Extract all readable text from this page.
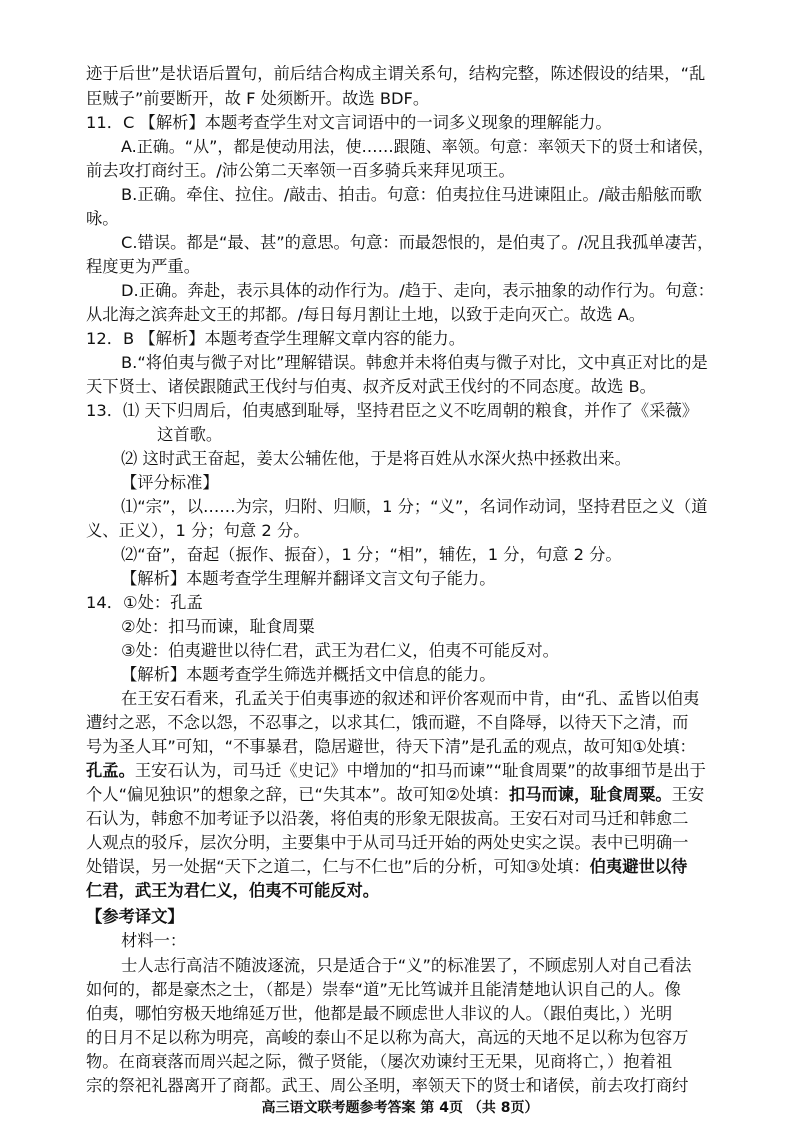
迹于后世”是状语后置句，前后结合构成主谓关系句，结构完整，陈述假设的结果，“乱
臣贼子”前要断开，故 F 处须断开。故选 BDF。
11．C 【解析】本题考查学生对文言词语中的一词多义现象的理解能力。
A.正确。“从”，都是使动用法，使……跟随、率领。句意：率领天下的贤士和诸侯，
前去攻打商纣王。/沛公第二天率领一百多骑兵来拜见项王。
B.正确。牵住、拉住。/敲击、拍击。句意：伯夷拉住马进谏阻止。/敲击船舷而歌
咏。
C.错误。都是“最、甚”的意思。句意：而最怨恨的，是伯夷了。/况且我孤单凄苦，
程度更为严重。
D.正确。奔赴，表示具体的动作行为。/趋于、走向，表示抽象的动作行为。句意：
从北海之滨奔赴文王的邦都。/每日每月割让土地，以致于走向灭亡。故选 A。
12．B 【解析】本题考查学生理解文章内容的能力。
B.“将伯夷与微子对比”理解错误。韩愈并未将伯夷与微子对比，文中真正对比的是
天下贤士、诸侯跟随武王伐纣与伯夷、叔齐反对武王伐纣的不同态度。故选 B。
13．⑴ 天下归周后，伯夷感到耻辱，坚持君臣之义不吃周朝的粮食，并作了《采薇》
这首歌。
⑵ 这时武王奋起，姜太公辅佐他，于是将百姓从水深火热中拯救出来。
【评分标准】
⑴“宗”，以……为宗，归附、归顺，1 分；“义”，名词作动词，坚持君臣之义（道
义、正义），1 分；句意 2 分。
⑵“奋”，奋起（振作、振奋），1 分；“相”，辅佐，1 分，句意 2 分。
【解析】本题考查学生理解并翻译文言文句子能力。
14．①处：孔孟
②处：扣马而谏，耻食周粟
③处：伯夷避世以待仁君，武王为君仁义，伯夷不可能反对。
【解析】本题考查学生筛选并概括文中信息的能力。
在王安石看来，孔孟关于伯夷事迹的叙述和评价客观而中肯，由“孔、孟皆以伯夷
遭纣之恶，不念以怨，不忍事之，以求其仁，饿而避，不自降辱，以待天下之清，而
号为圣人耳”可知，“不事暴君，隐居避世，待天下清”是孔孟的观点，故可知①处填：
孔孟。王安石认为，司马迁《史记》中增加的“扣马而谏”“耻食周粟”的故事细节是出于
个人“偏见独识”的想象之辞，已“失其本”。故可知②处填：扣马而谏，耻食周粟。王安
石认为，韩愈不加考证予以沿袭，将伯夷的形象无限拔高。王安石对司马迁和韩愈二
人观点的驳斥，层次分明，主要集中于从司马迁开始的两处史实之误。表中已明确一
处错误，另一处据“天下之道二，仁与不仁也”后的分析，可知③处填：伯夷避世以待
仁君，武王为君仁义，伯夷不可能反对。
【参考译文】
材料一：
士人志行高洁不随波逐流，只是适合于“义”的标准罢了，不顾虑别人对自己看法
如何的，都是豪杰之士，（都是）崇奉“道”无比笃诚并且能清楚地认识自己的人。像
伯夷，哪怕穷极天地绵延万世，他都是最不顾虑世人非议的人。（跟伯夷比，）光明
的日月不足以称为明亮，高峻的泰山不足以称为高大，高远的天地不足以称为包容万
物。在商衰落而周兴起之际，微子贤能，（屡次劝谏纣王无果，见商将亡，）抱着祖
宗的祭祀礼器离开了商都。武王、周公圣明，率领天下的贤士和诸侯，前去攻打商纣
高三语文联考题参考答案 第 4页 （共 8页）
